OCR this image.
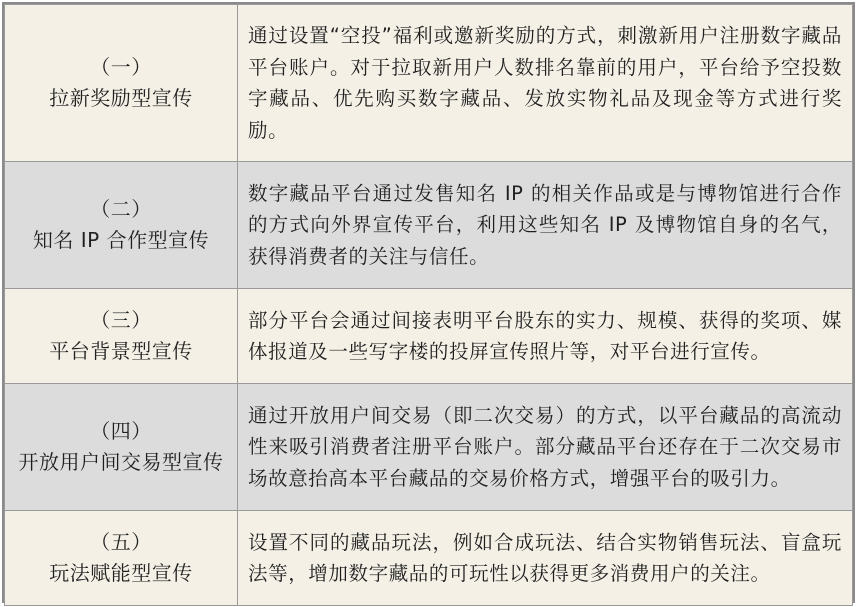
（一）
拉新奖励型宣传	通过设置“空投”福利或邀新奖励的方式，刺激新用户注册数字藏品平台账户。对于拉取新用户人数排名靠前的用户，平台给予空投数字藏品、优先购买数字藏品、发放实物礼品及现金等方式进行奖励。

（二）
知名 IP 合作型宣传	数字藏品平台通过发售知名 IP 的相关作品或是与博物馆进行合作的方式向外界宣传平台，利用这些知名 IP 及博物馆自身的名气，获得消费者的关注与信任。

（三）
平台背景型宣传	部分平台会通过间接表明平台股东的实力、规模、获得的奖项、媒体报道及一些写字楼的投屏宣传照片等，对平台进行宣传。

（四）
开放用户间交易型宣传	通过开放用户间交易（即二次交易）的方式，以平台藏品的高流动性来吸引消费者注册平台账户。部分藏品平台还存在于二次交易市场故意抬高本平台藏品的交易价格方式，增强平台的吸引力。

（五）
玩法赋能型宣传	设置不同的藏品玩法，例如合成玩法、结合实物销售玩法、盲盒玩法等，增加数字藏品的可玩性以获得更多消费用户的关注。
